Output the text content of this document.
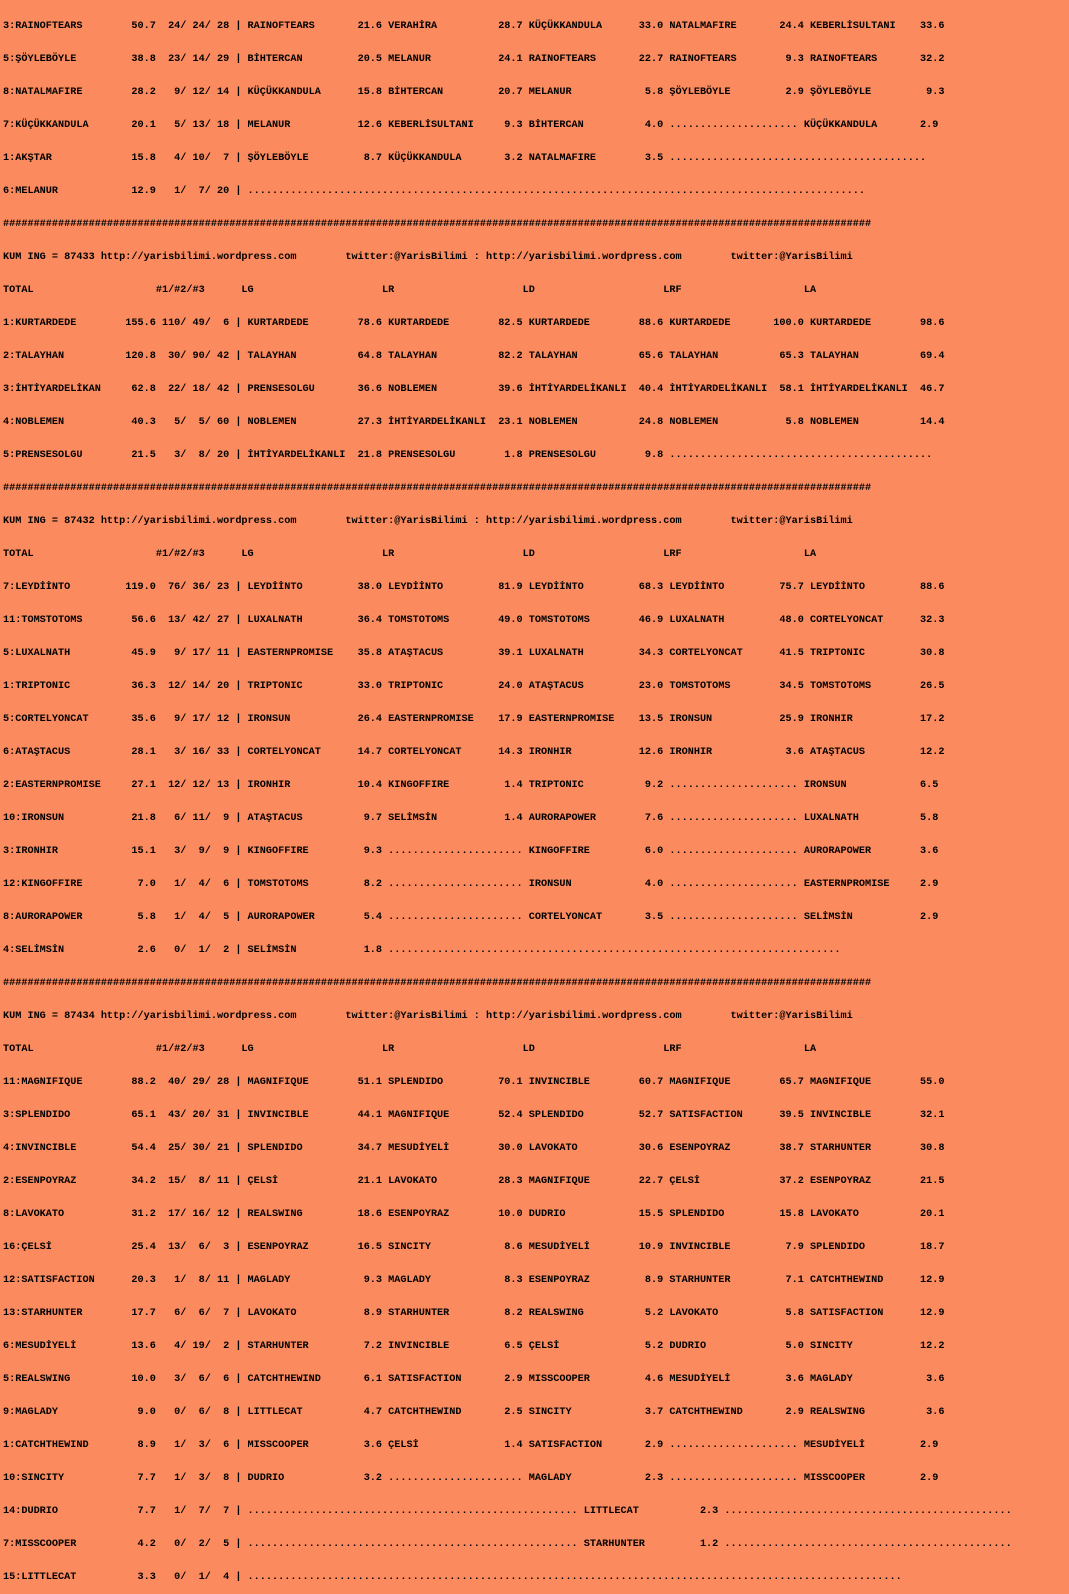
3:RAINOFTEARS        50.7  24/ 24/ 28 | RAINOFTEARS       21.6 VERAHİRA          28.7 KÜÇÜKKANDULA      33.0 NATALMAFIRE       24.4 KEBERLİSULTANI    33.6

5:ŞÖYLEBÖYLE         38.8  23/ 14/ 29 | BİHTERCAN         20.5 MELANUR           24.1 RAINOFTEARS       22.7 RAINOFTEARS        9.3 RAINOFTEARS       32.2

8:NATALMAFIRE        28.2   9/ 12/ 14 | KÜÇÜKKANDULA      15.8 BİHTERCAN         20.7 MELANUR            5.8 ŞÖYLEBÖYLE         2.9 ŞÖYLEBÖYLE         9.3

7:KÜÇÜKKANDULA       20.1   5/ 13/ 18 | MELANUR           12.6 KEBERLİSULTANI     9.3 BİHTERCAN          4.0 ..................... KÜÇÜKKANDULA       2.9

1:AKŞTAR             15.8   4/ 10/  7 | ŞÖYLEBÖYLE         8.7 KÜÇÜKKANDULA       3.2 NATALMAFIRE        3.5 ..........................................

6:MELANUR            12.9   1/  7/ 20 | .....................................................................................................

##############################################################################################################################################

KUM ING = 87433 http://yarisbilimi.wordpress.com        twitter:@YarisBilimi : http://yarisbilimi.wordpress.com        twitter:@YarisBilimi

TOTAL                    #1/#2/#3      LG                     LR                     LD                     LRF                    LA

1:KURTARDEDE        155.6 110/ 49/  6 | KURTARDEDE        78.6 KURTARDEDE        82.5 KURTARDEDE        88.6 KURTARDEDE       100.0 KURTARDEDE        98.6

2:TALAYHAN          120.8  30/ 90/ 42 | TALAYHAN          64.8 TALAYHAN          82.2 TALAYHAN          65.6 TALAYHAN          65.3 TALAYHAN          69.4

3:İHTİYARDELİKAN     62.8  22/ 18/ 42 | PRENSESOLGU       36.6 NOBLEMEN          39.6 İHTİYARDELİKANLI  40.4 İHTİYARDELİKANLI  58.1 İHTİYARDELİKANLI  46.7

4:NOBLEMEN           40.3   5/  5/ 60 | NOBLEMEN          27.3 İHTİYARDELİKANLI  23.1 NOBLEMEN          24.8 NOBLEMEN           5.8 NOBLEMEN          14.4

5:PRENSESOLGU        21.5   3/  8/ 20 | İHTİYARDELİKANLI  21.8 PRENSESOLGU        1.8 PRENSESOLGU        9.8 ...........................................

##############################################################################################################################################

KUM ING = 87432 http://yarisbilimi.wordpress.com        twitter:@YarisBilimi : http://yarisbilimi.wordpress.com        twitter:@YarisBilimi

TOTAL                    #1/#2/#3      LG                     LR                     LD                     LRF                    LA

7:LEYDİİNTO         119.0  76/ 36/ 23 | LEYDİİNTO         38.0 LEYDİİNTO         81.9 LEYDİİNTO         68.3 LEYDİİNTO         75.7 LEYDİİNTO         88.6

11:TOMSTOTOMS        56.6  13/ 42/ 27 | LUXALNATH         36.4 TOMSTOTOMS        49.0 TOMSTOTOMS        46.9 LUXALNATH         48.0 CORTELYONCAT      32.3

5:LUXALNATH          45.9   9/ 17/ 11 | EASTERNPROMISE    35.8 ATAŞTACUS         39.1 LUXALNATH         34.3 CORTELYONCAT      41.5 TRIPTONIC         30.8

1:TRIPTONIC          36.3  12/ 14/ 20 | TRIPTONIC         33.0 TRIPTONIC         24.0 ATAŞTACUS         23.0 TOMSTOTOMS        34.5 TOMSTOTOMS        26.5

5:CORTELYONCAT       35.6   9/ 17/ 12 | IRONSUN           26.4 EASTERNPROMISE    17.9 EASTERNPROMISE    13.5 IRONSUN           25.9 IRONHIR           17.2

6:ATAŞTACUS          28.1   3/ 16/ 33 | CORTELYONCAT      14.7 CORTELYONCAT      14.3 IRONHIR           12.6 IRONHIR            3.6 ATAŞTACUS         12.2

2:EASTERNPROMISE     27.1  12/ 12/ 13 | IRONHIR           10.4 KINGOFFIRE         1.4 TRIPTONIC          9.2 ..................... IRONSUN            6.5

10:IRONSUN           21.8   6/ 11/  9 | ATAŞTACUS          9.7 SELİMSİN           1.4 AURORAPOWER        7.6 ..................... LUXALNATH          5.8

3:IRONHIR            15.1   3/  9/  9 | KINGOFFIRE         9.3 ...................... KINGOFFIRE         6.0 ..................... AURORAPOWER        3.6

12:KINGOFFIRE         7.0   1/  4/  6 | TOMSTOTOMS         8.2 ...................... IRONSUN            4.0 ..................... EASTERNPROMISE     2.9

8:AURORAPOWER         5.8   1/  4/  5 | AURORAPOWER        5.4 ...................... CORTELYONCAT       3.5 ..................... SELİMSİN           2.9

4:SELİMSİN            2.6   0/  1/  2 | SELİMSİN           1.8 ..........................................................................

##############################################################################################################################################

KUM ING = 87434 http://yarisbilimi.wordpress.com        twitter:@YarisBilimi : http://yarisbilimi.wordpress.com        twitter:@YarisBilimi

TOTAL                    #1/#2/#3      LG                     LR                     LD                     LRF                    LA

11:MAGNIFIQUE        88.2  40/ 29/ 28 | MAGNIFIQUE        51.1 SPLENDIDO         70.1 INVINCIBLE        60.7 MAGNIFIQUE        65.7 MAGNIFIQUE        55.0

3:SPLENDIDO          65.1  43/ 20/ 31 | INVINCIBLE        44.1 MAGNIFIQUE        52.4 SPLENDIDO         52.7 SATISFACTION      39.5 INVINCIBLE        32.1

4:INVINCIBLE         54.4  25/ 30/ 21 | SPLENDIDO         34.7 MESUDİYELİ        30.0 LAVOKATO          30.6 ESENPOYRAZ        38.7 STARHUNTER        30.8

2:ESENPOYRAZ         34.2  15/  8/ 11 | ÇELSİ             21.1 LAVOKATO          28.3 MAGNIFIQUE        22.7 ÇELSİ             37.2 ESENPOYRAZ        21.5

8:LAVOKATO           31.2  17/ 16/ 12 | REALSWING         18.6 ESENPOYRAZ        10.0 DUDRIO            15.5 SPLENDIDO         15.8 LAVOKATO          20.1

16:ÇELSİ             25.4  13/  6/  3 | ESENPOYRAZ        16.5 SINCITY            8.6 MESUDİYELİ        10.9 INVINCIBLE         7.9 SPLENDIDO         18.7

12:SATISFACTION      20.3   1/  8/ 11 | MAGLADY            9.3 MAGLADY            8.3 ESENPOYRAZ         8.9 STARHUNTER         7.1 CATCHTHEWIND      12.9

13:STARHUNTER        17.7   6/  6/  7 | LAVOKATO           8.9 STARHUNTER         8.2 REALSWING          5.2 LAVOKATO           5.8 SATISFACTION      12.9

6:MESUDİYELİ         13.6   4/ 19/  2 | STARHUNTER         7.2 INVINCIBLE         6.5 ÇELSİ              5.2 DUDRIO             5.0 SINCITY           12.2

5:REALSWING          10.0   3/  6/  6 | CATCHTHEWIND       6.1 SATISFACTION       2.9 MISSCOOPER         4.6 MESUDİYELİ         3.6 MAGLADY            3.6

9:MAGLADY             9.0   0/  6/  8 | LITTLECAT          4.7 CATCHTHEWIND       2.5 SINCITY            3.7 CATCHTHEWIND       2.9 REALSWING          3.6

1:CATCHTHEWIND        8.9   1/  3/  6 | MISSCOOPER         3.6 ÇELSİ              1.4 SATISFACTION       2.9 ..................... MESUDİYELİ         2.9

10:SINCITY            7.7   1/  3/  8 | DUDRIO             3.2 ...................... MAGLADY            2.3 ..................... MISSCOOPER         2.9

14:DUDRIO             7.7   1/  7/  7 | ...................................................... LITTLECAT          2.3 ...............................................

7:MISSCOOPER          4.2   0/  2/  5 | ...................................................... STARHUNTER         1.2 ...............................................

15:LITTLECAT          3.3   0/  1/  4 | ...........................................................................................................
